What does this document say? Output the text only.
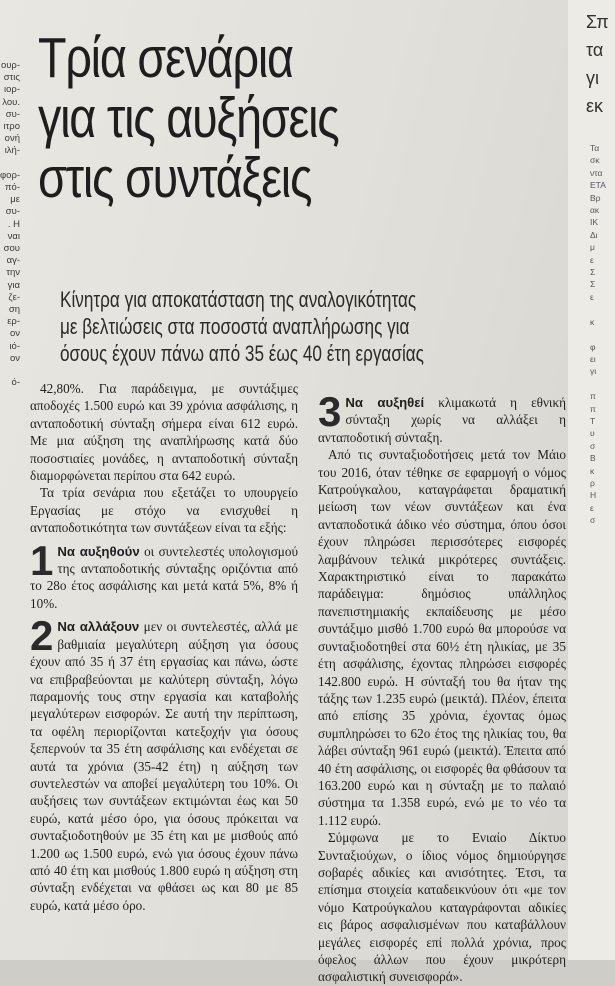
ουρ-
στις
ιορ-
λου.
συ-
ιτρο
ονή
ιλή-

φορ-
πό-
με
συ-
. Η
ναι
σου
αγ-
την
για
ζε-
ση
ερ-
ον
ιό-
ον

ό-
Σπ
τα
γι
εκ
Τα
σκ
ντα
ΕΤΑ
Βρ
ακ
ΙΚ
Δι
μ
ε
Σ
Σ
ε

κ

φ
ει
γι

π
π
Τ
υ
σ
Β
κ
ρ
Η
ε
σ
Τρία σενάρια
για τις αυξήσεις
στις συντάξεις
Κίνητρα για αποκατάσταση της αναλογικότητας
με βελτιώσεις στα ποσοστά αναπλήρωσης για
όσους έχουν πάνω από 35 έως 40 έτη εργασίας

42,80%. Για παράδειγμα, με συντάξιμες αποδοχές 1.500 ευρώ και 39 χρόνια ασφάλισης, η ανταποδοτική σύνταξη σήμερα είναι 612 ευρώ. Με μια αύξηση της αναπλήρωσης κατά δύο ποσοστιαίες μονάδες, η ανταποδοτική σύνταξη διαμορφώνεται περίπου στα 642 ευρώ.

Τα τρία σενάρια που εξετάζει το υπουργείο Εργασίας με στόχο να ενισχυθεί η ανταποδοτικότητα των συντάξεων είναι τα εξής:

1 Να αυξηθούν οι συντελεστές υπολογισμού της ανταποδοτικής σύνταξης οριζόντια από το 28ο έτος ασφάλισης και μετά κατά 5%, 8% ή 10%.

2 Να αλλάξουν μεν οι συντελεστές, αλλά με βαθμιαία μεγαλύτερη αύξηση για όσους έχουν από 35 ή 37 έτη εργασίας και πάνω, ώστε να επιβραβεύονται με καλύτερη σύνταξη, λόγω παραμονής τους στην εργασία και καταβολής μεγαλύτερων εισφορών. Σε αυτή την περίπτωση, τα οφέλη περιορίζονται κατεξοχήν για όσους ξεπερνούν τα 35 έτη ασφάλισης και ενδέχεται σε αυτά τα χρόνια (35-42 έτη) η αύξηση των συντελεστών να αποβεί μεγαλύτερη του 10%. Οι αυξήσεις των συντάξεων εκτιμώνται έως και 50 ευρώ, κατά μέσο όρο, για όσους πρόκειται να συνταξιοδοτηθούν με 35 έτη και με μισθούς από 1.200 ως 1.500 ευρώ, ενώ για όσους έχουν πάνω από 40 έτη και μισθούς 1.800 ευρώ η αύξηση στη σύνταξη ενδέχεται να φθάσει ως και 80 με 85 ευρώ, κατά μέσο όρο.

3 Να αυξηθεί κλιμακωτά η εθνική σύνταξη χωρίς να αλλάξει η ανταποδοτική σύνταξη.

Από τις συνταξιοδοτήσεις μετά τον Μάιο του 2016, όταν τέθηκε σε εφαρμογή ο νόμος Κατρούγκαλου, καταγράφεται δραματική μείωση των νέων συντάξεων και ένα ανταποδοτικά άδικο νέο σύστημα, όπου όσοι έχουν πληρώσει περισσότερες εισφορές λαμβάνουν τελικά μικρότερες συντάξεις. Χαρακτηριστικό είναι το παρακάτω παράδειγμα: δημόσιος υπάλληλος πανεπιστημιακής εκπαίδευσης με μέσο συντάξιμο μισθό 1.700 ευρώ θα μπορούσε να συνταξιοδοτηθεί στα 60½ έτη ηλικίας, με 35 έτη ασφάλισης, έχοντας πληρώσει εισφορές 142.800 ευρώ. Η σύνταξή του θα ήταν της τάξης των 1.235 ευρώ (μεικτά). Πλέον, έπειτα από επίσης 35 χρόνια, έχοντας όμως συμπληρώσει το 62ο έτος της ηλικίας του, θα λάβει σύνταξη 961 ευρώ (μεικτά). Έπειτα από 40 έτη ασφάλισης, οι εισφορές θα φθάσουν τα 163.200 ευρώ και η σύνταξη με το παλαιό σύστημα τα 1.358 ευρώ, ενώ με το νέο τα 1.112 ευρώ.

Σύμφωνα με το Ενιαίο Δίκτυο Συνταξιούχων, ο ίδιος νόμος δημιούργησε σοβαρές αδικίες και ανισότητες. Έτσι, τα επίσημα στοιχεία καταδεικνύουν ότι «με τον νόμο Κατρούγκαλου καταγράφονται αδικίες εις βάρος ασφαλισμένων που καταβάλλουν μεγάλες εισφορές επί πολλά χρόνια, προς όφελος άλλων που έχουν μικρότερη ασφαλιστική συνεισφορά».
